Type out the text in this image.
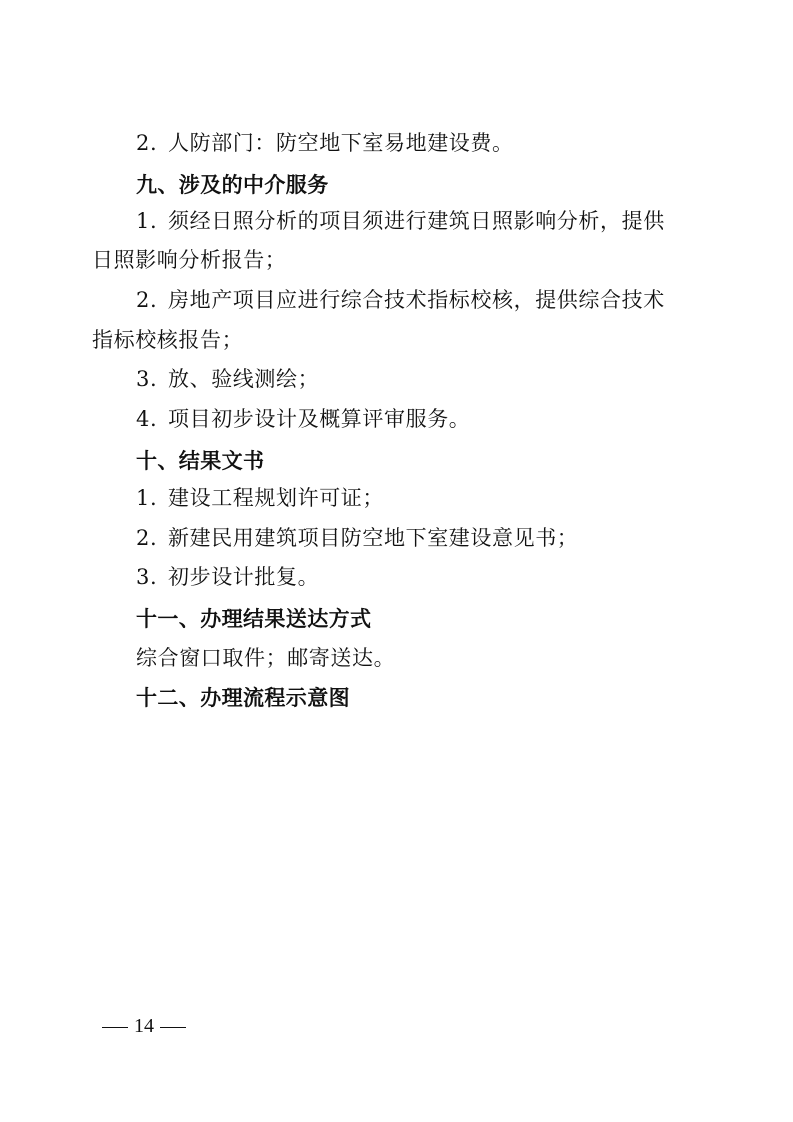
2. 人防部门：防空地下室易地建设费。
九、涉及的中介服务
1. 须经日照分析的项目须进行建筑日照影响分析，提供
日照影响分析报告；
2. 房地产项目应进行综合技术指标校核，提供综合技术
指标校核报告；
3. 放、验线测绘；
4. 项目初步设计及概算评审服务。
十、结果文书
1. 建设工程规划许可证；
2. 新建民用建筑项目防空地下室建设意见书；
3. 初步设计批复。
十一、办理结果送达方式
综合窗口取件；邮寄送达。
十二、办理流程示意图
14
